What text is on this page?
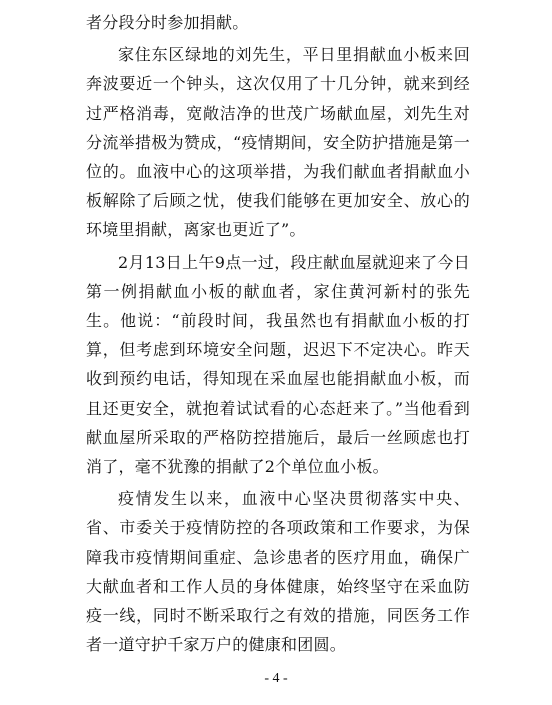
者分段分时参加捐献。

家住东区绿地的刘先生，平日里捐献血小板来回奔波要近一个钟头，这次仅用了十几分钟，就来到经过严格消毒，宽敞洁净的世茂广场献血屋，刘先生对分流举措极为赞成，“疫情期间，安全防护措施是第一位的。血液中心的这项举措，为我们献血者捐献血小板解除了后顾之忧，使我们能够在更加安全、放心的环境里捐献，离家也更近了”。

2月13日上午9点一过，段庄献血屋就迎来了今日第一例捐献血小板的献血者，家住黄河新村的张先生。他说：“前段时间，我虽然也有捐献血小板的打算，但考虑到环境安全问题，迟迟下不定决心。昨天收到预约电话，得知现在采血屋也能捐献血小板，而且还更安全，就抱着试试看的心态赶来了。”当他看到献血屋所采取的严格防控措施后，最后一丝顾虑也打消了，毫不犹豫的捐献了2个单位血小板。

疫情发生以来，血液中心坚决贯彻落实中央、省、市委关于疫情防控的各项政策和工作要求，为保障我市疫情期间重症、急诊患者的医疗用血，确保广大献血者和工作人员的身体健康，始终坚守在采血防疫一线，同时不断采取行之有效的措施，同医务工作者一道守护千家万户的健康和团圆。

- 4 -
